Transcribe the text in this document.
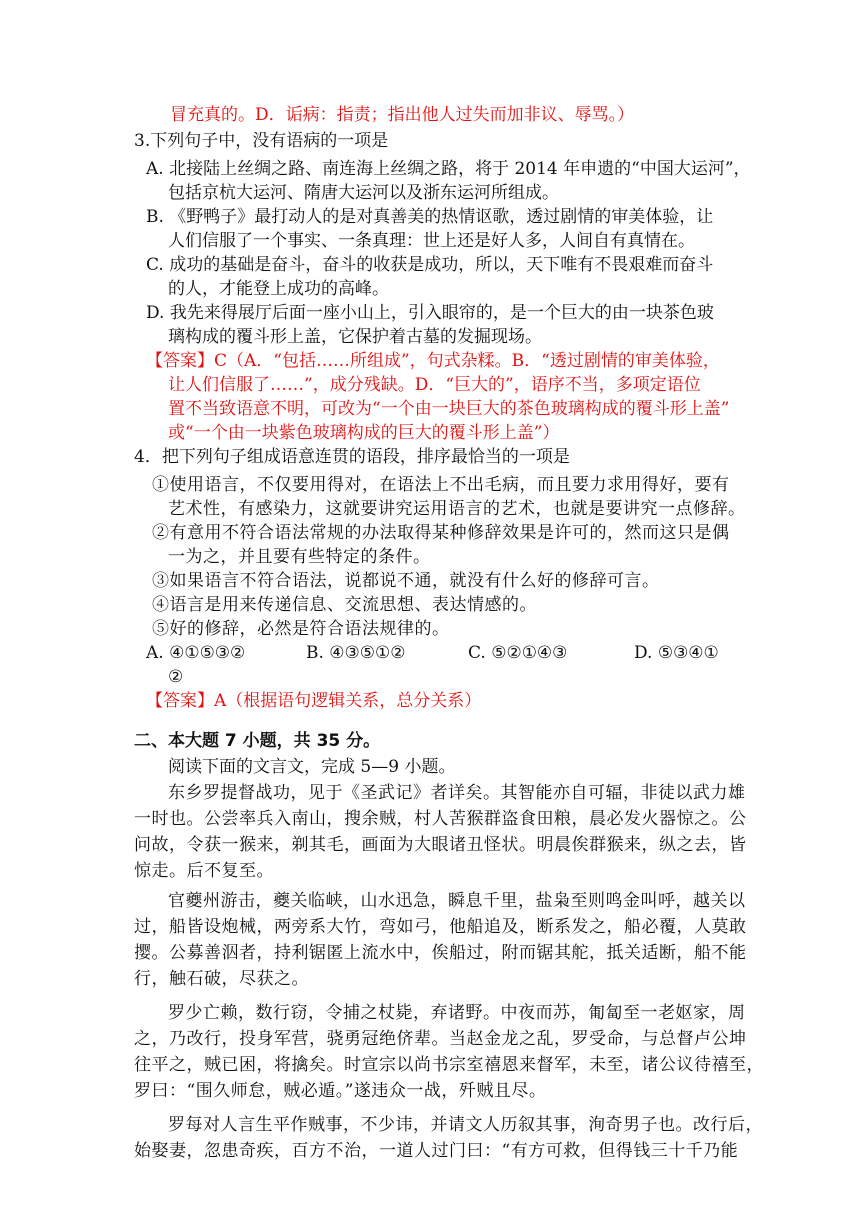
冒充真的。D．诟病：指责；指出他人过失而加非议、辱骂。）
3.下列句子中，没有语病的一项是
A. 北接陆上丝绸之路、南连海上丝绸之路，将于 2014 年申遗的“中国大运河”，
包括京杭大运河、隋唐大运河以及浙东运河所组成。
B. 《野鸭子》最打动人的是对真善美的热情讴歌，透过剧情的审美体验，让
人们信服了一个事实、一条真理：世上还是好人多，人间自有真情在。
C. 成功的基础是奋斗，奋斗的收获是成功，所以，天下唯有不畏艰难而奋斗
的人，才能登上成功的高峰。
D. 我先来得展厅后面一座小山上，引入眼帘的，是一个巨大的由一块茶色玻
璃构成的覆斗形上盖，它保护着古墓的发掘现场。
【答案】C（A．“包括……所组成”，句式杂糅。B．“透过剧情的审美体验，
让人们信服了……”，成分残缺。D．“巨大的”，语序不当，多项定语位
置不当致语意不明，可改为“一个由一块巨大的茶色玻璃构成的覆斗形上盖”
或“一个由一块紫色玻璃构成的巨大的覆斗形上盖”）
4．把下列句子组成语意连贯的语段，排序最恰当的一项是
①使用语言，不仅要用得对，在语法上不出毛病，而且要力求用得好，要有
艺术性，有感染力，这就要讲究运用语言的艺术，也就是要讲究一点修辞。
②有意用不符合语法常规的办法取得某种修辞效果是许可的，然而这只是偶
一为之，并且要有些特定的条件。
③如果语言不符合语法，说都说不通，就没有什么好的修辞可言。
④语言是用来传递信息、交流思想、表达情感的。
⑤好的修辞，必然是符合语法规律的。
A. ④①⑤③②	B. ④③⑤①②	C. ⑤②①④③	D. ⑤③④①
②
【答案】A（根据语句逻辑关系，总分关系）
二、本大题 7 小题，共 35 分。
阅读下面的文言文，完成 5—9 小题。
东乡罗提督战功，见于《圣武记》者详矣。其智能亦自可辐，非徒以武力雄
一时也。公尝率兵入南山，搜余贼，村人苦猴群盗食田粮，晨必发火器惊之。公
问故，令获一猴来，剃其毛，画面为大眼诸丑怪状。明晨俟群猴来，纵之去，皆
惊走。后不复至。
官夔州游击，夔关临峡，山水迅急，瞬息千里，盐枭至则鸣金叫呼，越关以
过，船皆设炮械，两旁系大竹，弯如弓，他船追及，断系发之，船必覆，人莫敢
撄。公募善泅者，持利锯匿上流水中，俟船过，附而锯其舵，抵关适断，船不能
行，触石破，尽获之。
罗少亡赖，数行窃，令捕之杖毙，弃诸野。中夜而苏，匍匐至一老妪家，周
之，乃改行，投身军营，骁勇冠绝侪辈。当赵金龙之乱，罗受命，与总督卢公坤
往平之，贼已困，将擒矣。时宣宗以尚书宗室禧恩来督军，未至，诸公议待禧至，
罗曰：“围久师怠，贼必遁。”遂违众一战，歼贼且尽。
罗每对人言生平作贼事，不少讳，并请文人历叙其事，洵奇男子也。改行后，
始娶妻，忽患奇疾，百方不治，一道人过门曰：“有方可救，但得钱三十千乃能
